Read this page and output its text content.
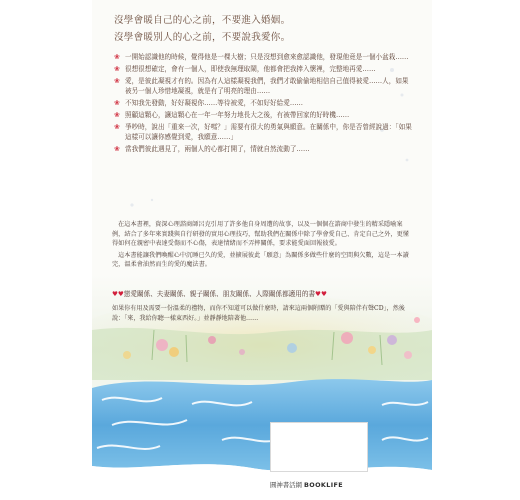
沒學會暖自己的心之前，不要進入婚姻。
沒學會暖別人的心之前，不要說我愛你。
❀ 一開始認識他的時候，覺得他是一棵大樹；只是沒想到愈來愈認識他，發現他竟是一個小盆栽……
❀ 很想很想確定，會有一個人，即使我無理取鬧，他都會把我捧入懷裡，完整地再愛……
❀ 愛，是彼此凝視才有的。因為有人這樣凝視我們，我們才敢偷偷地相信自己值得被愛……人，如果被另一個人珍惜地凝視，就是有了明亮的理由……
❀ 不知我先發動，好好凝視你……等待被愛，不如好好給愛……
❀ 照顧這顆心，讓這顆心在一年一年努力地長大之後，有被帶回家的好時機……
❀ 爭吵時，說出「重來一次，好嗎？」需要有很大的勇氣與願意。在關係中，你是否曾經說過：「如果這樣可以讓你感覺到愛，我願意……」
❀ 當我們彼此遇見了，兩個人的心都打開了，情就自然流動了……

在這本書裡，資深心理諮商師呂克引用了許多他自身周遭的故事，以及一個個在諮商中發生的精采隱喻案例，結合了多年來實踐與自行研發的實用心理技巧，幫助我們在關係中除了學會愛自己、肯定自己之外，更懂得如何在親密中表達受傷而不心傷，表達情緒而不弄摔關係，要求能愛面回報彼愛。

這本書能讓我們喚醒心中沉睡已久的愛，並擴展彼此「願意」為關係多做些什麼的空間與欠數，這是一本讀完，溫柔會油然而生的愛的魔法書。

♥♥戀愛關係、夫妻關係、親子關係、朋友關係、人際關係都適用的書♥♥
如果你有用及需要一份溫柔的禮物，而你不知道可以做什麼時，請來這兩個附贈的「愛與陪伴有聲CD」，然後說：「來，我給你聽一樣東西好。」並靜靜地陪著他……
圓神書活網 BOOKLIFE
